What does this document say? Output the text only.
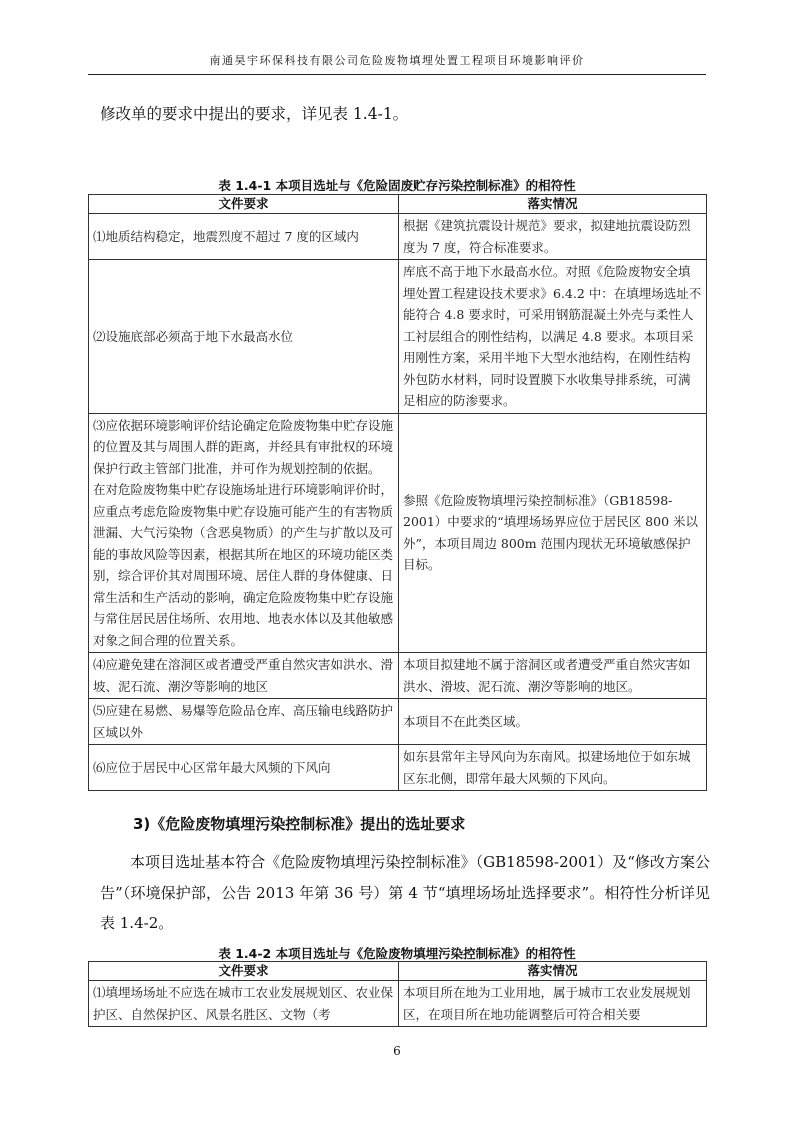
南通昊宇环保科技有限公司危险废物填埋处置工程项目环境影响评价

修改单的要求中提出的要求，详见表 1.4-1。

表 1.4-1 本项目选址与《危险固废贮存污染控制标准》的相符性
文件要求	落实情况
⑴地质结构稳定，地震烈度不超过 7 度的区域内	根据《建筑抗震设计规范》要求，拟建地抗震设防烈度为 7 度，符合标准要求。
⑵设施底部必须高于地下水最高水位	库底不高于地下水最高水位。对照《危险废物安全填埋处置工程建设技术要求》6.4.2 中：在填埋场选址不能符合 4.8 要求时，可采用钢筋混凝土外壳与柔性人工衬层组合的刚性结构，以满足 4.8 要求。本项目采用刚性方案，采用半地下大型水池结构，在刚性结构外包防水材料，同时设置膜下水收集导排系统，可满足相应的防渗要求。

⑶应依据环境影响评价结论确定危险废物集中贮存设施的位置及其与周围人群的距离，并经具有审批权的环境保护行政主管部门批准，并可作为规划控制的依据。
在对危险废物集中贮存设施场址进行环境影响评价时，应重点考虑危险废物集中贮存设施可能产生的有害物质泄漏、大气污染物（含恶臭物质）的产生与扩散以及可能的事故风险等因素，根据其所在地区的环境功能区类别，综合评价其对周围环境、居住人群的身体健康、日常生活和生产活动的影响，确定危险废物集中贮存设施与常住居民居住场所、农用地、地表水体以及其他敏感对象之间合理的位置关系。	参照《危险废物填埋污染控制标准》（GB18598-2001）中要求的“填埋场场界应位于居民区 800 米以外”，本项目周边 800m 范围内现状无环境敏感保护目标。
⑷应避免建在溶洞区或者遭受严重自然灾害如洪水、滑坡、泥石流、潮汐等影响的地区	本项目拟建地不属于溶洞区或者遭受严重自然灾害如洪水、滑坡、泥石流、潮汐等影响的地区。
⑸应建在易燃、易爆等危险品仓库、高压输电线路防护区域以外	本项目不在此类区域。
⑹应位于居民中心区常年最大风频的下风向	如东县常年主导风向为东南风。拟建场地位于如东城区东北侧，即常年最大风频的下风向。
3)《危险废物填埋污染控制标准》提出的选址要求

本项目选址基本符合《危险废物填埋污染控制标准》（GB18598-2001）及“修改方案公告”（环境保护部，公告 2013 年第 36 号）第 4 节“填埋场场址选择要求”。相符性分析详见表 1.4-2。

表 1.4-2 本项目选址与《危险废物填埋污染控制标准》的相符性
文件要求	落实情况
⑴填埋场场址不应选在城市工农业发展规划区、农业保护区、自然保护区、风景名胜区、文物（考	本项目所在地为工业用地，属于城市工农业发展规划区，在项目所在地功能调整后可符合相关要
6
